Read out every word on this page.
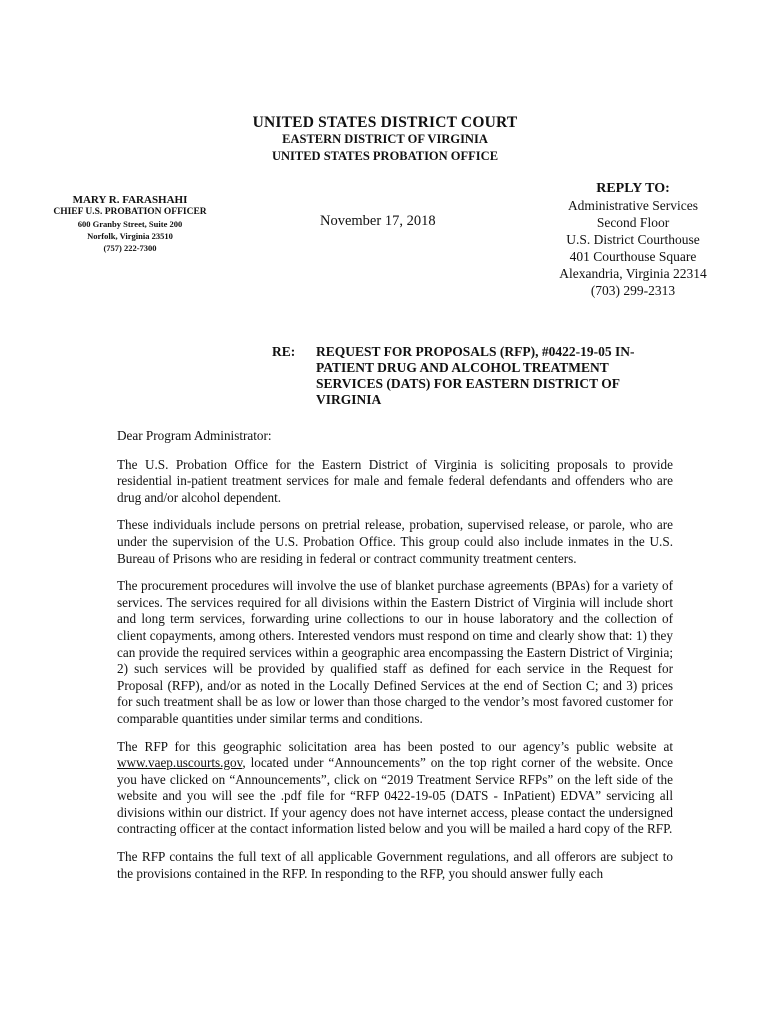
UNITED STATES DISTRICT COURT
EASTERN DISTRICT OF VIRGINIA
UNITED STATES PROBATION OFFICE
MARY R. FARASHAHI
CHIEF U.S. PROBATION OFFICER
600 Granby Street, Suite 200
Norfolk, Virginia 23510
(757) 222-7300
November 17, 2018
REPLY TO:
Administrative Services
Second Floor
U.S. District Courthouse
401 Courthouse Square
Alexandria, Virginia 22314
(703) 299-2313
RE: REQUEST FOR PROPOSALS (RFP), #0422-19-05 IN-PATIENT DRUG AND ALCOHOL TREATMENT SERVICES (DATS) FOR EASTERN DISTRICT OF VIRGINIA

Dear Program Administrator:

The U.S. Probation Office for the Eastern District of Virginia is soliciting proposals to provide residential in-patient treatment services for male and female federal defendants and offenders who are drug and/or alcohol dependent.

These individuals include persons on pretrial release, probation, supervised release, or parole, who are under the supervision of the U.S. Probation Office. This group could also include inmates in the U.S. Bureau of Prisons who are residing in federal or contract community treatment centers.

The procurement procedures will involve the use of blanket purchase agreements (BPAs) for a variety of services. The services required for all divisions within the Eastern District of Virginia will include short and long term services, forwarding urine collections to our in house laboratory and the collection of client copayments, among others. Interested vendors must respond on time and clearly show that: 1) they can provide the required services within a geographic area encompassing the Eastern District of Virginia; 2) such services will be provided by qualified staff as defined for each service in the Request for Proposal (RFP), and/or as noted in the Locally Defined Services at the end of Section C; and 3) prices for such treatment shall be as low or lower than those charged to the vendor’s most favored customer for comparable quantities under similar terms and conditions.

The RFP for this geographic solicitation area has been posted to our agency’s public website at www.vaep.uscourts.gov, located under “Announcements” on the top right corner of the website. Once you have clicked on “Announcements”, click on “2019 Treatment Service RFPs” on the left side of the website and you will see the .pdf file for “RFP 0422-19-05 (DATS - InPatient) EDVA” servicing all divisions within our district. If your agency does not have internet access, please contact the undersigned contracting officer at the contact information listed below and you will be mailed a hard copy of the RFP.

The RFP contains the full text of all applicable Government regulations, and all offerors are subject to the provisions contained in the RFP. In responding to the RFP, you should answer fully each
